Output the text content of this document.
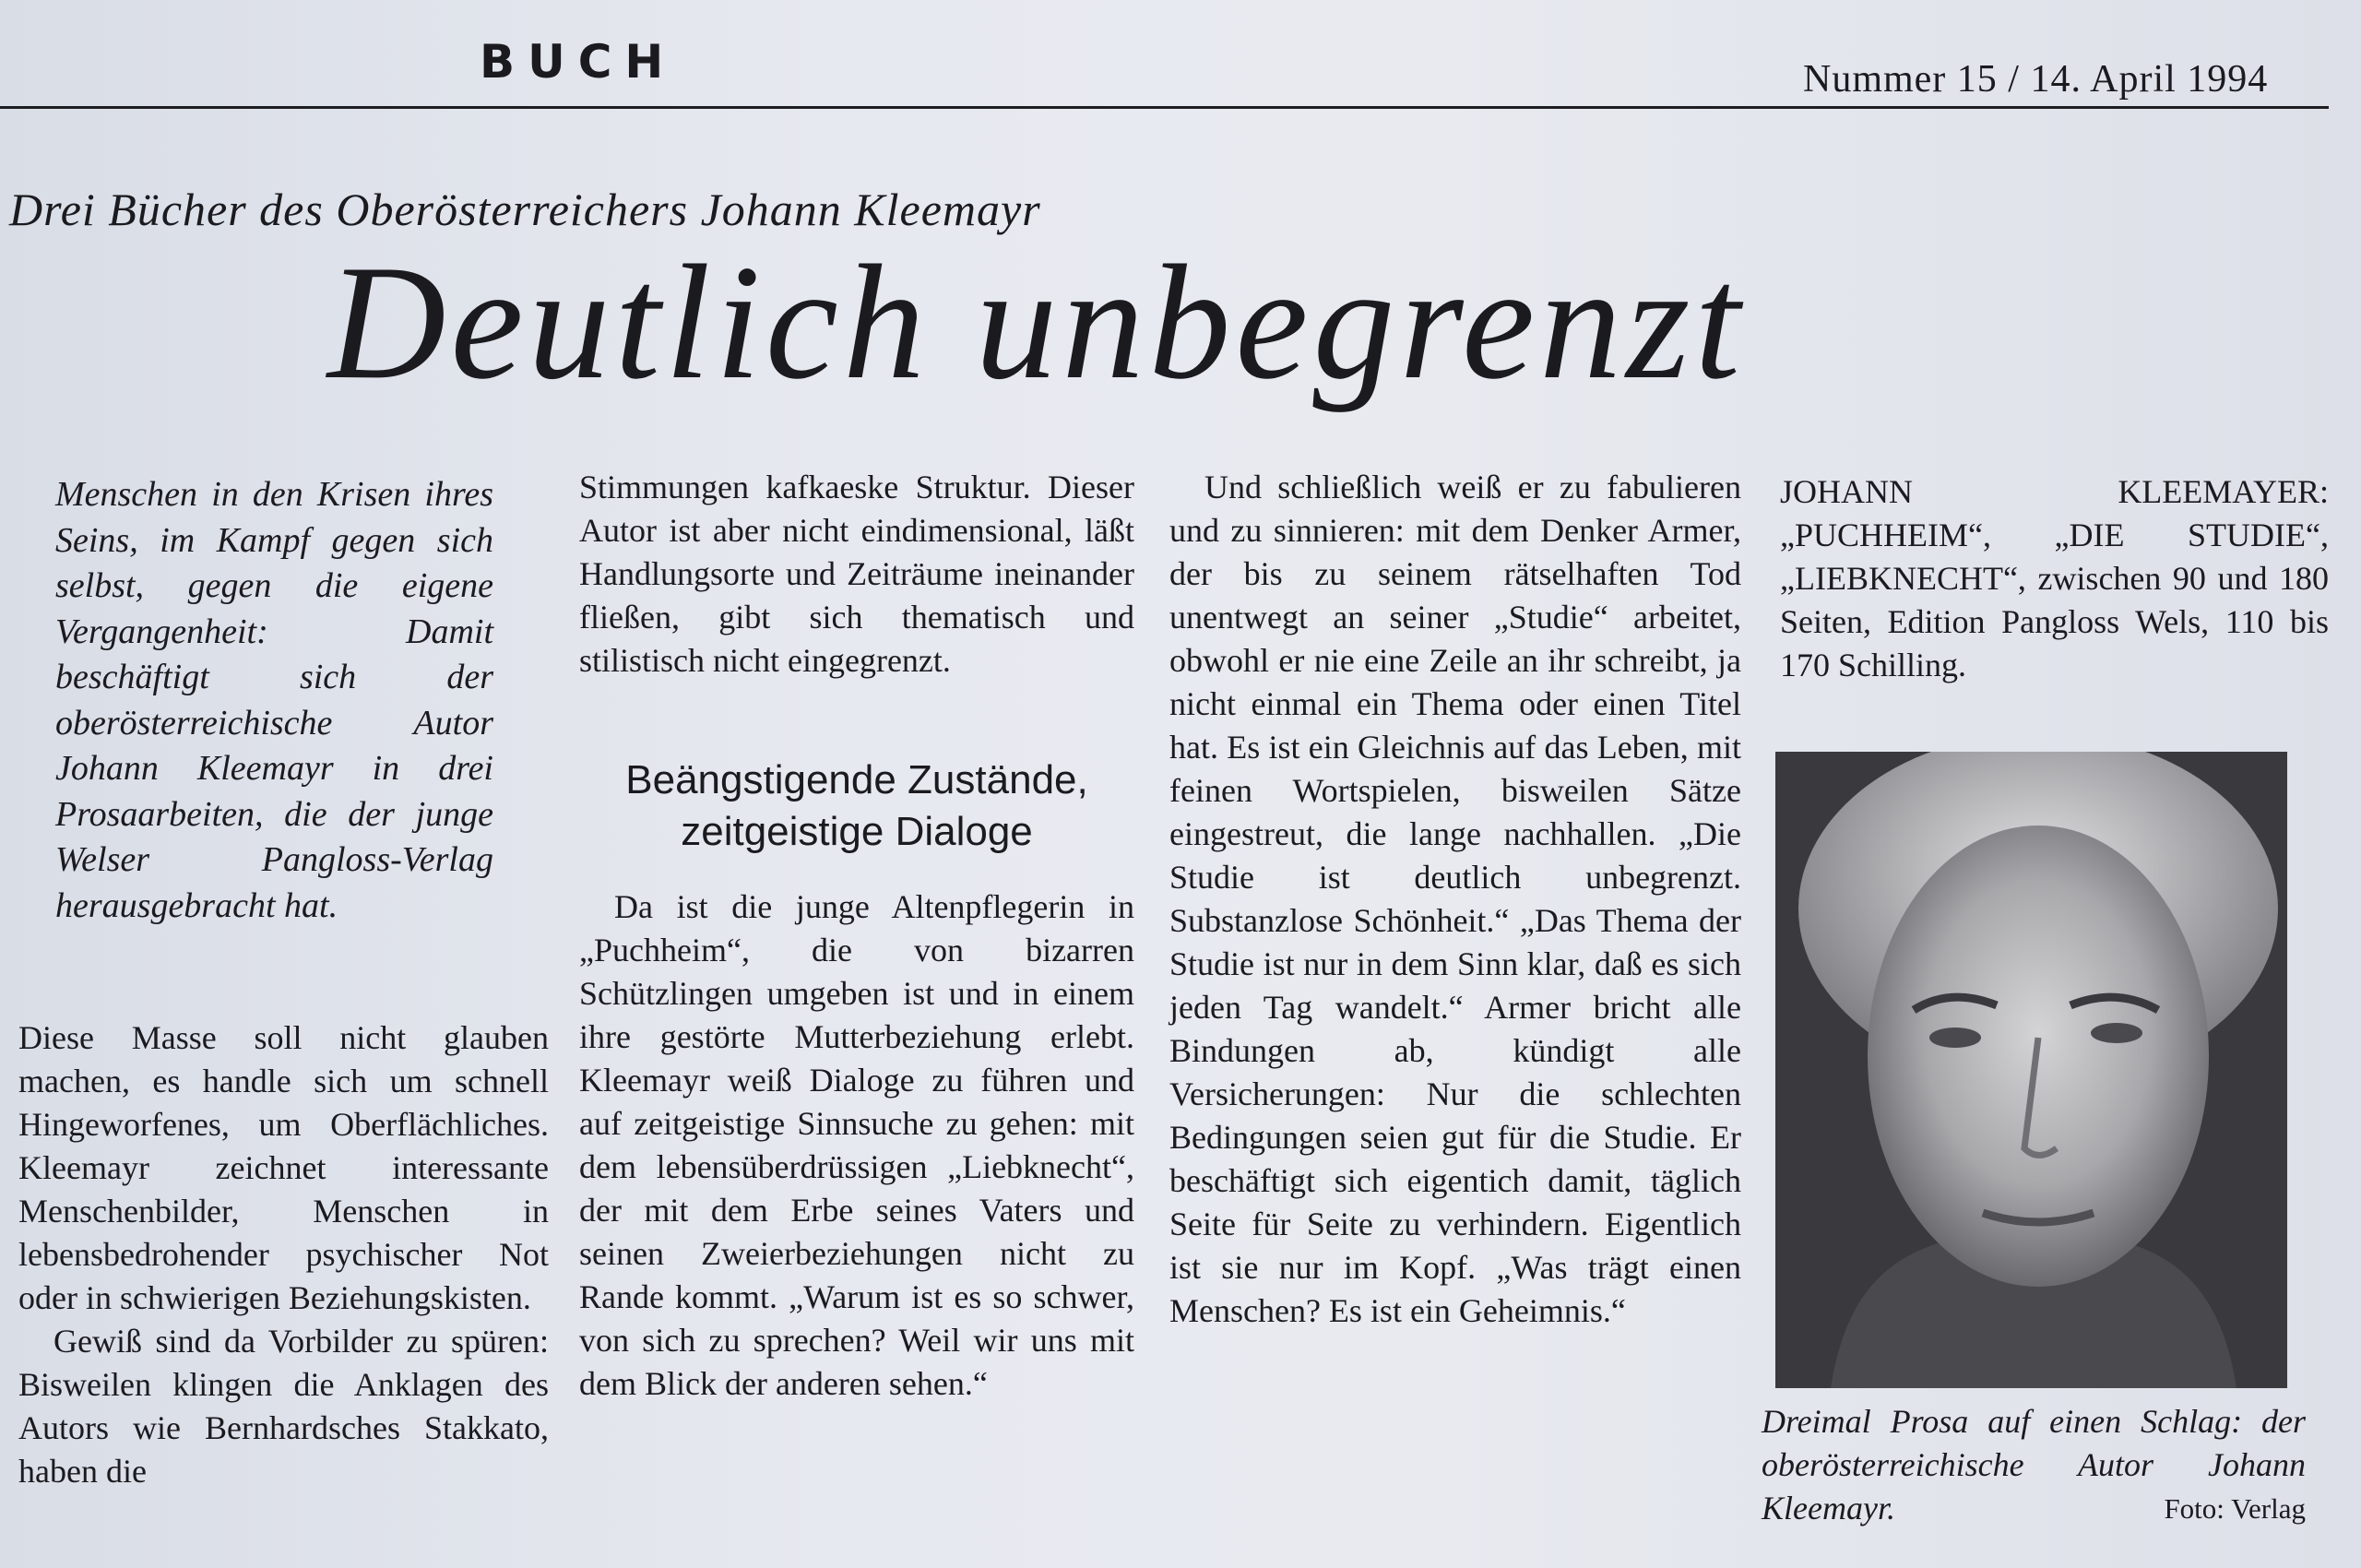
BUCH	Nummer 15 / 14. April 1994
Drei Bücher des Oberösterreichers Johann Kleemayr
Deutlich unbegrenzt
Menschen in den Krisen ihres Seins, im Kampf gegen sich selbst, gegen die eigene Vergangenheit: Damit beschäftigt sich der oberösterreichische Autor Johann Kleemayr in drei Prosaarbeiten, die der junge Welser Pangloss-Verlag herausgebracht hat.

Diese Masse soll nicht glauben machen, es handle sich um schnell Hingeworfenes, um Oberflächliches. Kleemayr zeichnet interessante Menschenbilder, Menschen in lebensbedrohender psychischer Not oder in schwierigen Beziehungskisten.

Gewiß sind da Vorbilder zu spüren: Bisweilen klingen die Anklagen des Autors wie Bernhardsches Stakkato, haben die

Stimmungen kafkaeske Struktur. Dieser Autor ist aber nicht eindimensional, läßt Handlungsorte und Zeiträume ineinander fließen, gibt sich thematisch und stilistisch nicht eingegrenzt.
Beängstigende Zustände, zeitgeistige Dialoge

Da ist die junge Altenpflegerin in „Puchheim“, die von bizarren Schützlingen umgeben ist und in einem ihre gestörte Mutterbeziehung erlebt. Kleemayr weiß Dialoge zu führen und auf zeitgeistige Sinnsuche zu gehen: mit dem lebensüberdrüssigen „Liebknecht“, der mit dem Erbe seines Vaters und seinen Zweierbeziehungen nicht zu Rande kommt. „Warum ist es so schwer, von sich zu sprechen? Weil wir uns mit dem Blick der anderen sehen.“

Und schließlich weiß er zu fabulieren und zu sinnieren: mit dem Denker Armer, der bis zu seinem rätselhaften Tod unentwegt an seiner „Studie“ arbeitet, obwohl er nie eine Zeile an ihr schreibt, ja nicht einmal ein Thema oder einen Titel hat. Es ist ein Gleichnis auf das Leben, mit feinen Wortspielen, bisweilen Sätze eingestreut, die lange nachhallen. „Die Studie ist deutlich unbegrenzt. Substanzlose Schönheit.“ „Das Thema der Studie ist nur in dem Sinn klar, daß es sich jeden Tag wandelt.“ Armer bricht alle Bindungen ab, kündigt alle Versicherungen: Nur die schlechten Bedingungen seien gut für die Studie. Er beschäftigt sich eigentich damit, täglich Seite für Seite zu verhindern. Eigentlich ist sie nur im Kopf. „Was trägt einen Menschen? Es ist ein Geheimnis.“

JOHANN KLEEMAYER: „PUCHHEIM“, „DIE STUDIE“, „LIEBKNECHT“, zwischen 90 und 180 Seiten, Edition Pangloss Wels, 110 bis 170 Schilling.
Dreimal Prosa auf einen Schlag: der oberösterreichische Autor Johann Kleemayr.	Foto: Verlag
